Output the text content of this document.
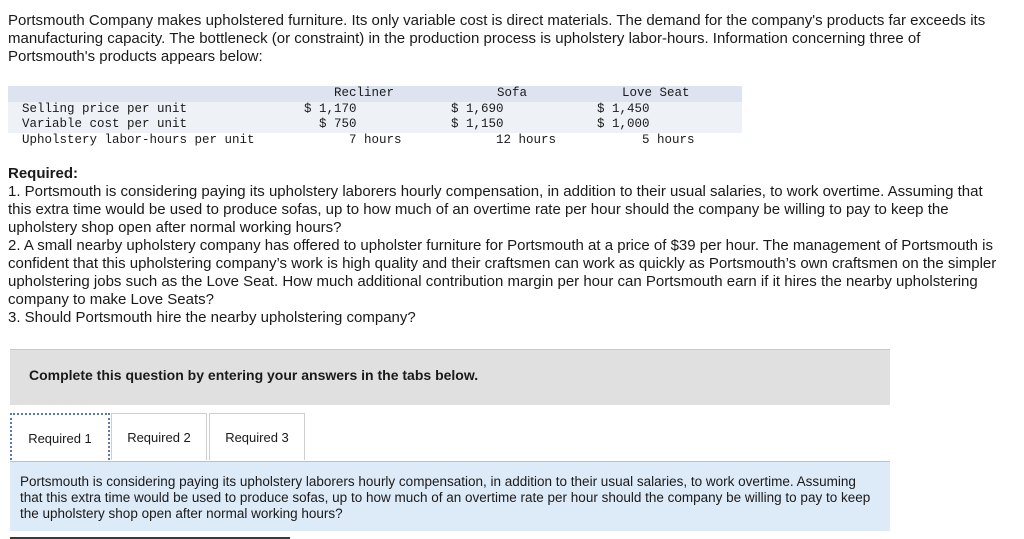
Portsmouth Company makes upholstered furniture. Its only variable cost is direct materials. The demand for the company's products far exceeds its manufacturing capacity. The bottleneck (or constraint) in the production process is upholstery labor-hours. Information concerning three of Portsmouth's products appears below:
Recliner	Sofa	Love Seat
Selling price per unit	$ 1,170	$ 1,690	$ 1,450
Variable cost per unit	$ 750	$ 1,150	$ 1,000
Upholstery labor-hours per unit	7 hours	12 hours	5 hours
Required:
1. Portsmouth is considering paying its upholstery laborers hourly compensation, in addition to their usual salaries, to work overtime. Assuming that this extra time would be used to produce sofas, up to how much of an overtime rate per hour should the company be willing to pay to keep the upholstery shop open after normal working hours?
2. A small nearby upholstery company has offered to upholster furniture for Portsmouth at a price of $39 per hour. The management of Portsmouth is confident that this upholstering company’s work is high quality and their craftsmen can work as quickly as Portsmouth’s own craftsmen on the simpler upholstering jobs such as the Love Seat. How much additional contribution margin per hour can Portsmouth earn if it hires the nearby upholstering company to make Love Seats?
3. Should Portsmouth hire the nearby upholstering company?
Complete this question by entering your answers in the tabs below.
Required 1	Required 2	Required 3
Portsmouth is considering paying its upholstery laborers hourly compensation, in addition to their usual salaries, to work overtime. Assuming that this extra time would be used to produce sofas, up to how much of an overtime rate per hour should the company be willing to pay to keep the upholstery shop open after normal working hours?
